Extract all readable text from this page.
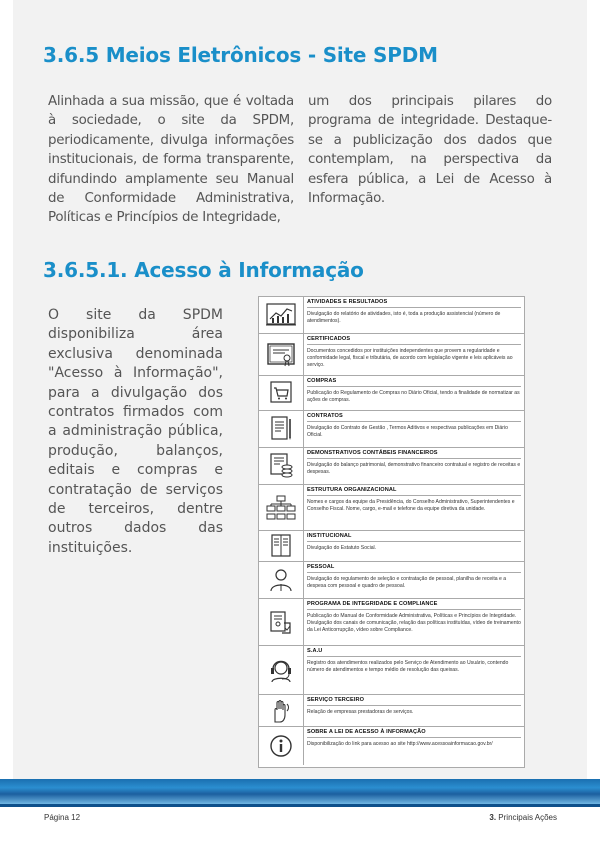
3.6.5 Meios Eletrônicos - Site SPDM

Alinhada a sua missão, que é voltada à sociedade, o site da SPDM, periodicamente, divulga informações institucionais, de forma transparente, difundindo amplamente seu Manual de Conformidade Administrativa, Políticas e Princípios de Integridade,

um dos principais pilares do programa de integridade. Destaque-se a publicização dos dados que contemplam, na perspectiva da esfera pública, a Lei de Acesso à Informação.

3.6.5.1. Acesso à Informação

O site da SPDM disponibiliza área exclusiva denominada "Acesso à Informação", para a divulgação dos contratos firmados com a administração pública, produção, balanços, editais e compras e contratação de serviços de terceiros, dentre outros dados das instituições.

ATIVIDADES E RESULTADOS
Divulgação do relatório de atividades, isto é, toda a produção assistencial (número de atendimentos).
CERTIFICADOS
Documentos concedidos por instituições independentes que provem a regularidade e conformidade legal, fiscal e tributária, de acordo com legislação vigente e leis aplicáveis ao serviço.
COMPRAS
Publicação do Regulamento de Compras no Diário Oficial, tendo a finalidade de normatizar as ações de compras.
CONTRATOS
Divulgação do Contrato de Gestão , Termos Aditivos e respectivas publicações em Diário Oficial.
DEMONSTRATIVOS CONTÁBEIS FINANCEIROS
Divulgação do balanço patrimonial, demonstrativo financeiro contratual e registro de receitas e despesas.
ESTRUTURA ORGANIZACIONAL
Nomes e cargos da equipe da Presidência, do Conselho Administrativo, Superintendentes e Conselho Fiscal. Nome, cargo, e-mail e telefone da equipe diretiva da unidade.
INSTITUCIONAL
Divulgação do Estatuto Social.
PESSOAL
Divulgação do regulamento de seleção e contratação de pessoal, planilha de receita e a despesa com pessoal e quadro de pessoal.
PROGRAMA DE INTEGRIDADE E COMPLIANCE
Publicação do Manual de Conformidade Administrativa, Políticas e Princípios de Integridade. Divulgação dos canais de comunicação, relação das políticas instituídas, vídeo de treinamento da Lei Anticorrupção, vídeo sobre Compliance.
S.A.U
Registro dos atendimentos realizados pelo Serviço de Atendimento ao Usuário, contendo número de atendimentos e tempo médio de resolução das queixas.
SERVIÇO TERCEIRO
Relação de empresas prestadoras de serviços.
SOBRE A LEI DE ACESSO À INFORMAÇÃO
Disponibilização do link para acesso ao site http://www.acessoainformacao.gov.br/
Página 12	3. Principais Ações
